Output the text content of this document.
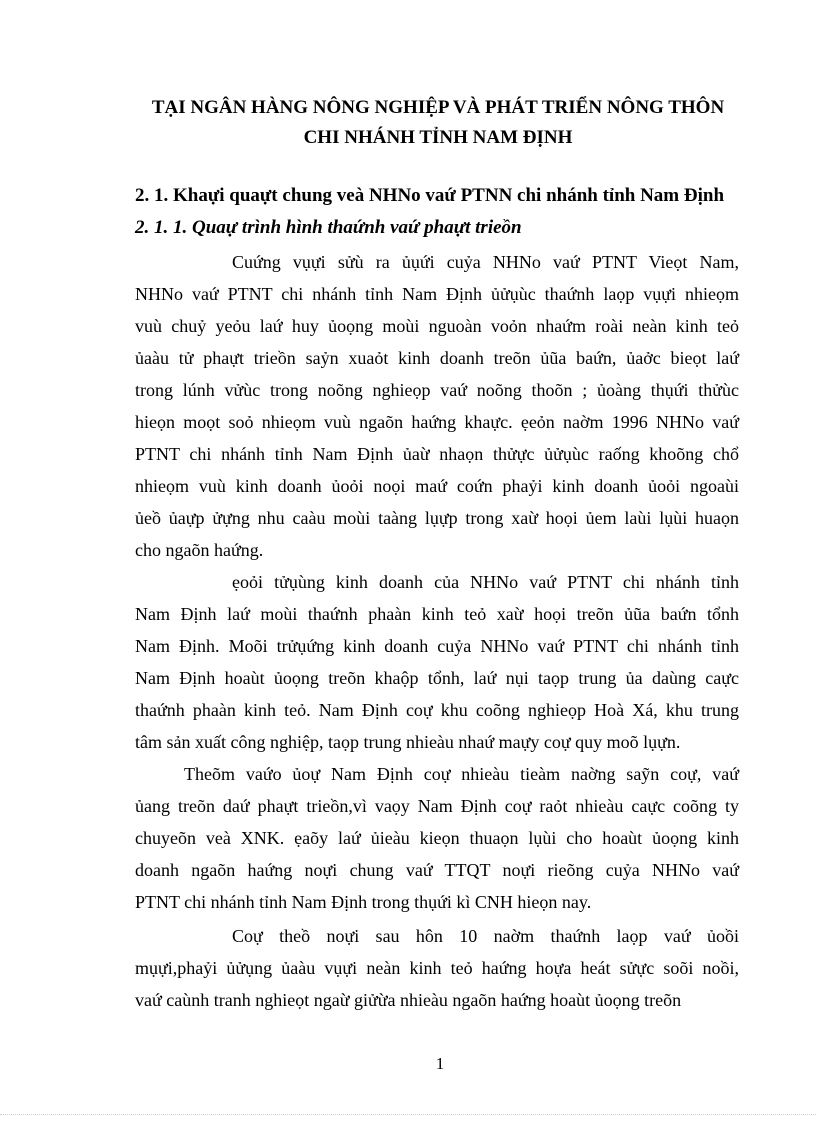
TẠI NGÂN HÀNG NÔNG NGHIỆP VÀ PHÁT TRIỂN NÔNG THÔN
CHI NHÁNH TỈNH NAM ĐỊNH
2. 1. Khaựi quaựt chung veà NHNo vaứ PTNN chi nhánh tỉnh Nam Định
2. 1. 1. Quaự trình hình thaứnh vaứ phaựt trieồn
Cuứng vụựi sửù ra ủụứi cuỷa NHNo vaứ PTNT Vieọt Nam,
NHNo vaứ PTNT chi nhánh tỉnh Nam Định ủửụùc thaứnh laọp vụựi nhieọm
vuù chuỷ yeỏu laứ huy ủoọng moùi nguoàn voỏn nhaứm roài neàn kinh teỏ
ủaàu tử phaựt trieồn saỷn xuaỏt kinh doanh treõn ủũa baứn, ủaởc bieọt laứ
trong lúnh vửùc trong noõng nghieọp vaứ noõng thoõn ; ủoàng thụứi thửùc
hieọn moọt soỏ nhieọm vuù ngaõn haứng khaực. ẹeỏn naờm 1996 NHNo vaứ
PTNT chi nhánh tỉnh Nam Định ủaừ nhaọn thửực ủửụùc raống khoõng chổ
nhieọm vuù kinh doanh ủoỏi noọi maứ coứn phaỷi kinh doanh ủoỏi ngoaùi
ủeồ ủaựp ửựng nhu caàu moùi taàng lụựp trong xaừ hoọi ủem laùi lụùi huaọn
cho ngaõn haứng.
ẹoỏi tửụùng kinh doanh của NHNo vaứ PTNT chi nhánh tỉnh
Nam Định laứ moùi thaứnh phaàn kinh teỏ xaừ hoọi treõn ủũa baứn tổnh
Nam Định. Moõi trửụứng kinh doanh cuỷa NHNo vaứ PTNT chi nhánh tỉnh
Nam Định hoaùt ủoọng treõn khaộp tổnh, laứ nụi taọp trung ủa daùng caực
thaứnh phaàn kinh teỏ. Nam Định coự khu coõng nghieọp Hoà Xá, khu trung
tâm sản xuất công nghiệp, taọp trung nhieàu nhaứ maựy coự quy moõ lụựn.
Theõm vaứo ủoự Nam Định coự nhieàu tieàm naờng saỹn coự, vaứ
ủang treõn daứ phaựt trieồn,vì vaọy Nam Định coự raỏt nhieàu caực coõng ty
chuyeõn veà XNK. ẹaõy laứ ủieàu kieọn thuaọn lụùi cho hoaùt ủoọng kinh
doanh ngaõn haứng noựi chung vaứ TTQT noựi rieõng cuỷa NHNo vaứ
PTNT chi nhánh tỉnh Nam Định trong thụứi kì CNH hieọn nay.
Coự theồ noựi sau hôn 10 naờm thaứnh laọp vaứ ủoồi
mụựi,phaỷi ủửụng ủaàu vụựi neàn kinh teỏ haứng hoựa heát sửực soõi noồi,
vaứ caùnh tranh nghieọt ngaừ giửừa nhieàu ngaõn haứng hoaùt ủoọng treõn
1
